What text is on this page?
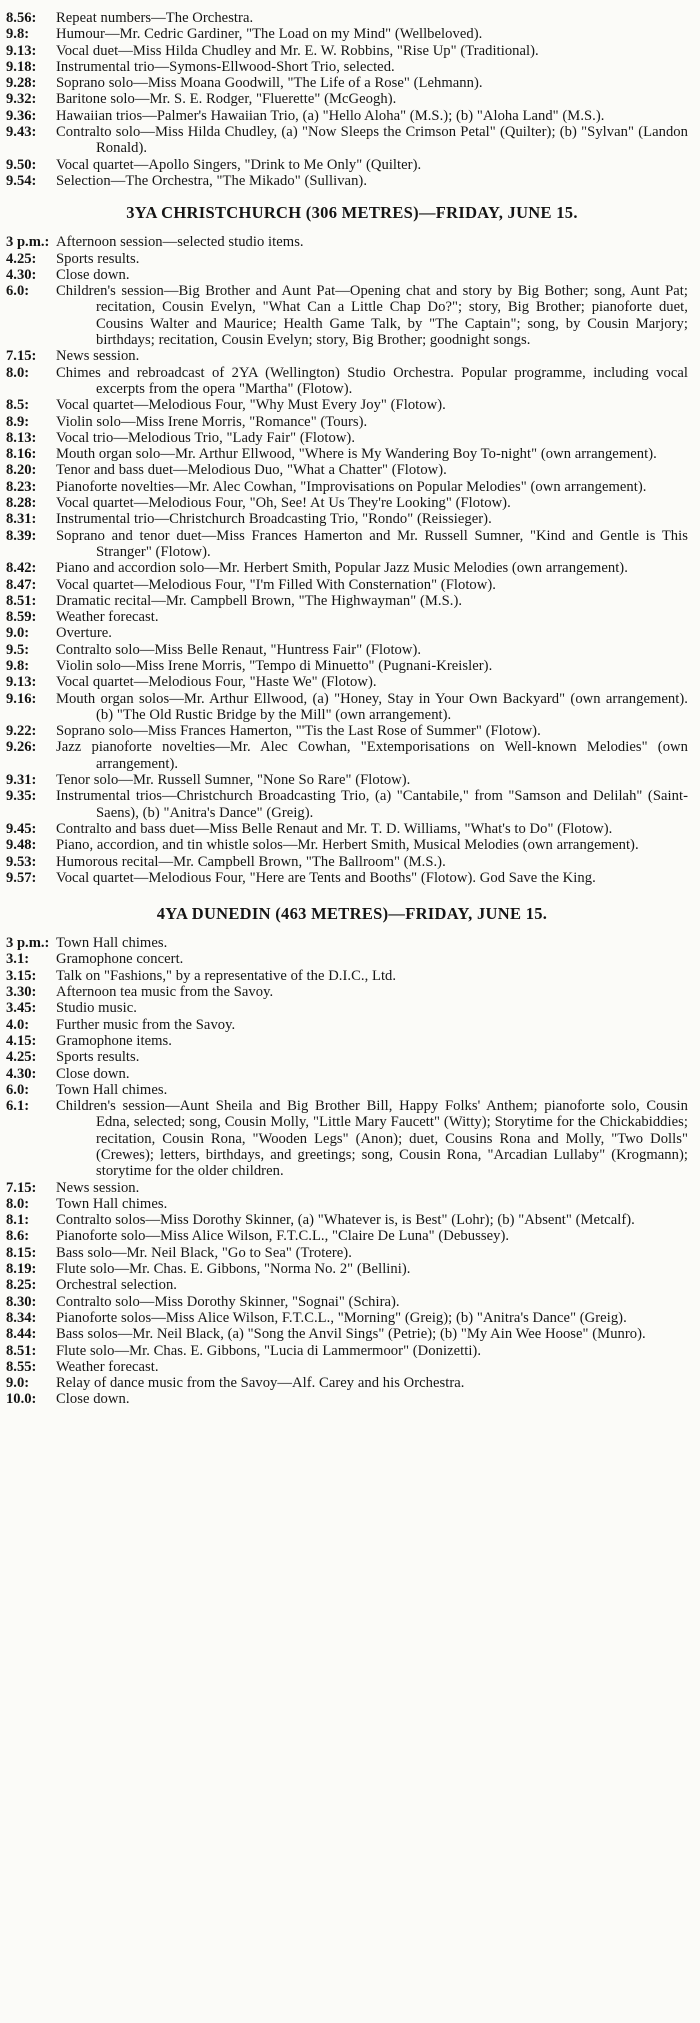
8.56:	Repeat numbers—The Orchestra.
9.8:	Humour—Mr. Cedric Gardiner, "The Load on my Mind" (Wellbeloved).
9.13:	Vocal duet—Miss Hilda Chudley and Mr. E. W. Robbins, "Rise Up" (Traditional).
9.18:	Instrumental trio—Symons-Ellwood-Short Trio, selected.
9.28:	Soprano solo—Miss Moana Goodwill, "The Life of a Rose" (Lehmann).
9.32:	Baritone solo—Mr. S. E. Rodger, "Fluerette" (McGeogh).
9.36:	Hawaiian trios—Palmer's Hawaiian Trio, (a) "Hello Aloha" (M.S.); (b) "Aloha Land" (M.S.).
9.43:	Contralto solo—Miss Hilda Chudley, (a) "Now Sleeps the Crimson Petal" (Quilter); (b) "Sylvan" (Landon Ronald).
9.50:	Vocal quartet—Apollo Singers, "Drink to Me Only" (Quilter).
9.54:	Selection—The Orchestra, "The Mikado" (Sullivan).
3YA CHRISTCHURCH (306 METRES)—FRIDAY, JUNE 15.
3 p.m.: Afternoon session—selected studio items.
4.25:	Sports results.
4.30:	Close down.
6.0:	Children's session—Big Brother and Aunt Pat—Opening chat and story by Big Bother; song, Aunt Pat; recitation, Cousin Evelyn, "What Can a Little Chap Do?"; story, Big Brother; pianoforte duet, Cousins Walter and Maurice; Health Game Talk, by "The Captain"; song, by Cousin Marjory; birthdays; recitation, Cousin Evelyn; story, Big Brother; goodnight songs.
7.15:	News session.
8.0:	Chimes and rebroadcast of 2YA (Wellington) Studio Orchestra. Popular programme, including vocal excerpts from the opera "Martha" (Flotow).
8.5:	Vocal quartet—Melodious Four, "Why Must Every Joy" (Flotow).
8.9:	Violin solo—Miss Irene Morris, "Romance" (Tours).
8.13:	Vocal trio—Melodious Trio, "Lady Fair" (Flotow).
8.16:	Mouth organ solo—Mr. Arthur Ellwood, "Where is My Wandering Boy To-night" (own arrangement).
8.20:	Tenor and bass duet—Melodious Duo, "What a Chatter" (Flotow).
8.23:	Pianoforte novelties—Mr. Alec Cowhan, "Improvisations on Popular Melodies" (own arrangement).
8.28:	Vocal quartet—Melodious Four, "Oh, See! At Us They're Looking" (Flotow).
8.31:	Instrumental trio—Christchurch Broadcasting Trio, "Rondo" (Reissieger).
8.39:	Soprano and tenor duet—Miss Frances Hamerton and Mr. Russell Sumner, "Kind and Gentle is This Stranger" (Flotow).
8.42:	Piano and accordion solo—Mr. Herbert Smith, Popular Jazz Music Melodies (own arrangement).
8.47:	Vocal quartet—Melodious Four, "I'm Filled With Consternation" (Flotow).
8.51:	Dramatic recital—Mr. Campbell Brown, "The Highwayman" (M.S.).
8.59:	Weather forecast.
9.0:	Overture.
9.5:	Contralto solo—Miss Belle Renaut, "Huntress Fair" (Flotow).
9.8:	Violin solo—Miss Irene Morris, "Tempo di Minuetto" (Pugnani-Kreisler).
9.13:	Vocal quartet—Melodious Four, "Haste We" (Flotow).
9.16:	Mouth organ solos—Mr. Arthur Ellwood, (a) "Honey, Stay in Your Own Backyard" (own arrangement). (b) "The Old Rustic Bridge by the Mill" (own arrangement).
9.22:	Soprano solo—Miss Frances Hamerton, "'Tis the Last Rose of Summer" (Flotow).
9.26:	Jazz pianoforte novelties—Mr. Alec Cowhan, "Extemporisations on Well-known Melodies" (own arrangement).
9.31:	Tenor solo—Mr. Russell Sumner, "None So Rare" (Flotow).
9.35:	Instrumental trios—Christchurch Broadcasting Trio, (a) "Cantabile," from "Samson and Delilah" (Saint-Saens), (b) "Anitra's Dance" (Greig).
9.45:	Contralto and bass duet—Miss Belle Renaut and Mr. T. D. Williams, "What's to Do" (Flotow).
9.48:	Piano, accordion, and tin whistle solos—Mr. Herbert Smith, Musical Melodies (own arrangement).
9.53:	Humorous recital—Mr. Campbell Brown, "The Ballroom" (M.S.).
9.57:	Vocal quartet—Melodious Four, "Here are Tents and Booths" (Flotow). God Save the King.
4YA DUNEDIN (463 METRES)—FRIDAY, JUNE 15.
3 p.m.: Town Hall chimes.
3.1:	Gramophone concert.
3.15:	Talk on "Fashions," by a representative of the D.I.C., Ltd.
3.30:	Afternoon tea music from the Savoy.
3.45:	Studio music.
4.0:	Further music from the Savoy.
4.15:	Gramophone items.
4.25:	Sports results.
4.30:	Close down.
6.0:	Town Hall chimes.
6.1:	Children's session—Aunt Sheila and Big Brother Bill, Happy Folks' Anthem; pianoforte solo, Cousin Edna, selected; song, Cousin Molly, "Little Mary Faucett" (Witty); Storytime for the Chickabiddies; recitation, Cousin Rona, "Wooden Legs" (Anon); duet, Cousins Rona and Molly, "Two Dolls" (Crewes); letters, birthdays, and greetings; song, Cousin Rona, "Arcadian Lullaby" (Krogmann); storytime for the older children.
7.15:	News session.
8.0:	Town Hall chimes.
8.1:	Contralto solos—Miss Dorothy Skinner, (a) "Whatever is, is Best" (Lohr); (b) "Absent" (Metcalf).
8.6:	Pianoforte solo—Miss Alice Wilson, F.T.C.L., "Claire De Luna" (Debussey).
8.15:	Bass solo—Mr. Neil Black, "Go to Sea" (Trotere).
8.19:	Flute solo—Mr. Chas. E. Gibbons, "Norma No. 2" (Bellini).
8.25:	Orchestral selection.
8.30:	Contralto solo—Miss Dorothy Skinner, "Sognai" (Schira).
8.34:	Pianoforte solos—Miss Alice Wilson, F.T.C.L., "Morning" (Greig); (b) "Anitra's Dance" (Greig).
8.44:	Bass solos—Mr. Neil Black, (a) "Song the Anvil Sings" (Petrie); (b) "My Ain Wee Hoose" (Munro).
8.51:	Flute solo—Mr. Chas. E. Gibbons, "Lucia di Lammermoor" (Donizetti).
8.55:	Weather forecast.
9.0:	Relay of dance music from the Savoy—Alf. Carey and his Orchestra.
10.0:	Close down.
